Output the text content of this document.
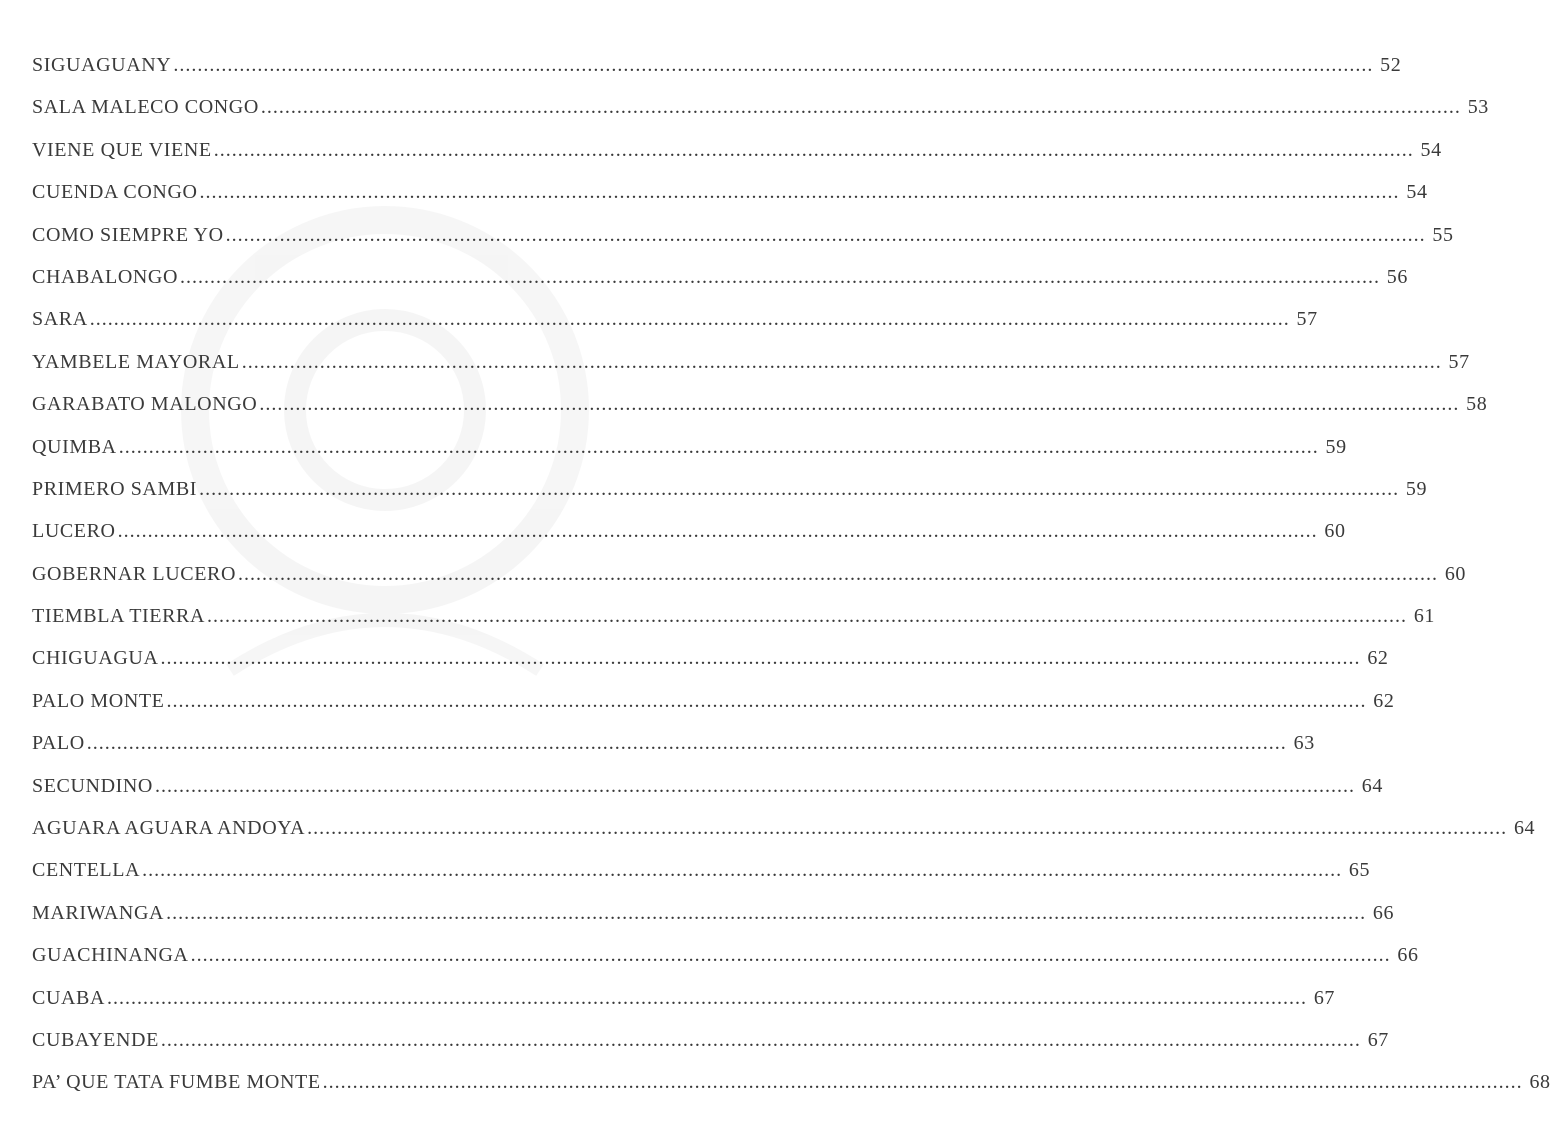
SIGUAGUANY ........................................................................................................................................................................................................ 52
SALA MALECO CONGO ........................................................................................................................................................................................................ 53
VIENE QUE VIENE ........................................................................................................................................................................................................ 54
CUENDA CONGO ........................................................................................................................................................................................................ 54
COMO SIEMPRE YO ........................................................................................................................................................................................................ 55
CHABALONGO ........................................................................................................................................................................................................ 56
SARA ........................................................................................................................................................................................................ 57
YAMBELE MAYORAL ........................................................................................................................................................................................................ 57
GARABATO MALONGO ........................................................................................................................................................................................................ 58
QUIMBA ........................................................................................................................................................................................................ 59
PRIMERO SAMBI ........................................................................................................................................................................................................ 59
LUCERO ........................................................................................................................................................................................................ 60
GOBERNAR LUCERO ........................................................................................................................................................................................................ 60
TIEMBLA TIERRA ........................................................................................................................................................................................................ 61
CHIGUAGUA ........................................................................................................................................................................................................ 62
PALO MONTE ........................................................................................................................................................................................................ 62
PALO ........................................................................................................................................................................................................ 63
SECUNDINO ........................................................................................................................................................................................................ 64
AGUARA AGUARA ANDOYA ........................................................................................................................................................................................................ 64
CENTELLA ........................................................................................................................................................................................................ 65
MARIWANGA ........................................................................................................................................................................................................ 66
GUACHINANGA ........................................................................................................................................................................................................ 66
CUABA ........................................................................................................................................................................................................ 67
CUBAYENDE ........................................................................................................................................................................................................ 67
PA’ QUE TATA FUMBE MONTE ........................................................................................................................................................................................................ 68
